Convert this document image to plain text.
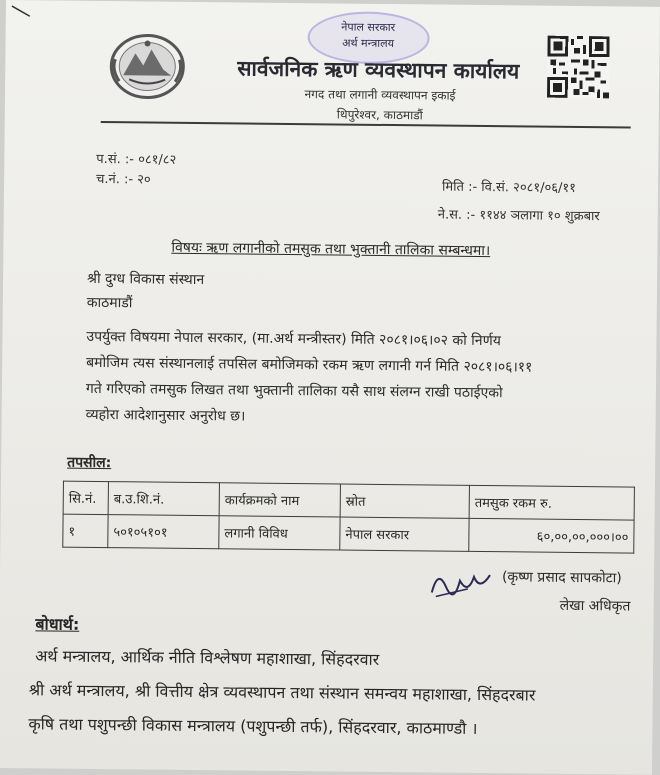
नेपाल सरकार
अर्थ मन्त्रालय
सार्वजनिक ऋण व्यवस्थापन कार्यालय
नगद तथा लगानी व्यवस्थापन इकाई
थिपुरेश्वर, काठमाडौं
प.सं. :- ०८१/८२
च.नं. :- २०	मिति :- वि.सं. २०८१/०६/११
ने.स. :- ११४४ ञलागा १० शुक्रबार
विषयः ऋण लगानीको तमसुक तथा भुक्तानी तालिका सम्बन्धमा।
श्री दुग्ध विकास संस्थान
काठमाडौं
उपर्युक्त विषयमा नेपाल सरकार, (मा.अर्थ मन्त्रीस्तर) मिति २०८१।०६।०२ को निर्णय
बमोजिम त्यस संस्थानलाई तपसिल बमोजिमको रकम ऋण लगानी गर्न मिति २०८१।०६।११
गते गरिएको तमसुक लिखत तथा भुक्तानी तालिका यसै साथ संलग्न राखी पठाईएको
व्यहोरा आदेशानुसार अनुरोध छ।
तपसील:
सि.नं.	ब.उ.शि.नं.	कार्यक्रमको नाम	स्रोत	तमसुक रकम रु.
१	५०१०५१०१	लगानी विविध	नेपाल सरकार	६०,००,००,०००।००
(कृष्ण प्रसाद सापकोटा)
लेखा अधिकृत
बोधार्थ:
अर्थ मन्त्रालय, आर्थिक नीति विश्लेषण महाशाखा, सिंहदरवार
श्री अर्थ मन्त्रालय, श्री वित्तीय क्षेत्र व्यवस्थापन तथा संस्थान समन्वय महाशाखा, सिंहदरबार
कृषि तथा पशुपन्छी विकास मन्त्रालय (पशुपन्छी तर्फ), सिंहदरवार, काठमाण्डौ ।
